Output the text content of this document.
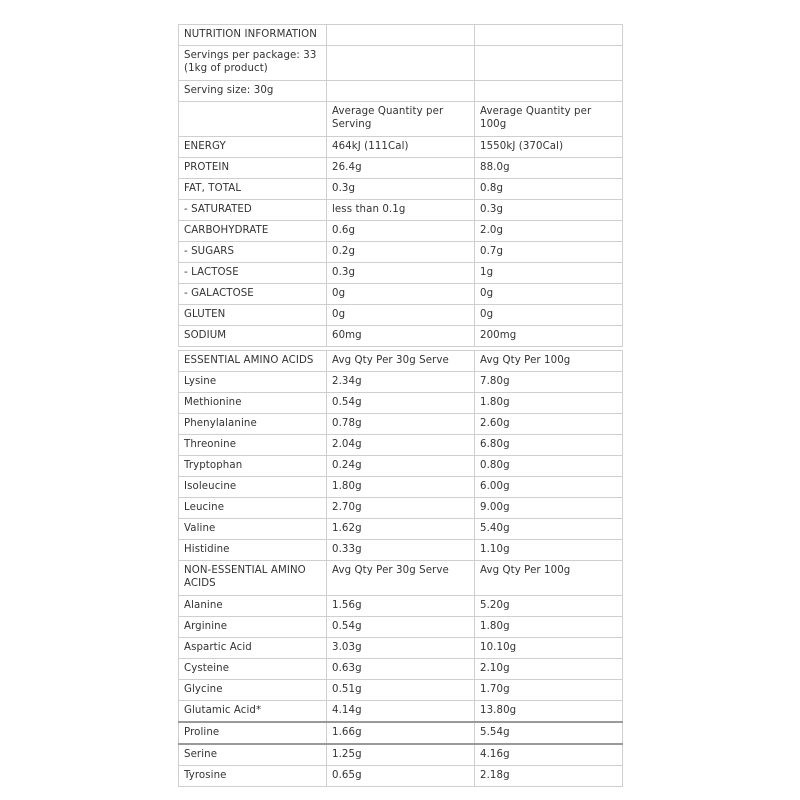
NUTRITION INFORMATION		
Servings per package: 33 (1kg of product)		
Serving size: 30g		
	Average Quantity per Serving	Average Quantity per 100g
ENERGY	464kJ (111Cal)	1550kJ (370Cal)
PROTEIN	26.4g	88.0g
FAT, TOTAL	0.3g	0.8g
- SATURATED	less than 0.1g	0.3g
CARBOHYDRATE	0.6g	2.0g
- SUGARS	0.2g	0.7g
- LACTOSE	0.3g	1g
- GALACTOSE	0g	0g
GLUTEN	0g	0g
SODIUM	60mg	200mg
ESSENTIAL AMINO ACIDS	Avg Qty Per 30g Serve	Avg Qty Per 100g
Lysine	2.34g	7.80g
Methionine	0.54g	1.80g
Phenylalanine	0.78g	2.60g
Threonine	2.04g	6.80g
Tryptophan	0.24g	0.80g
Isoleucine	1.80g	6.00g
Leucine	2.70g	9.00g
Valine	1.62g	5.40g
Histidine	0.33g	1.10g
NON-ESSENTIAL AMINO ACIDS	Avg Qty Per 30g Serve	Avg Qty Per 100g
Alanine	1.56g	5.20g
Arginine	0.54g	1.80g
Aspartic Acid	3.03g	10.10g
Cysteine	0.63g	2.10g
Glycine	0.51g	1.70g
Glutamic Acid*	4.14g	13.80g
Proline	1.66g	5.54g
Serine	1.25g	4.16g
Tyrosine	0.65g	2.18g
